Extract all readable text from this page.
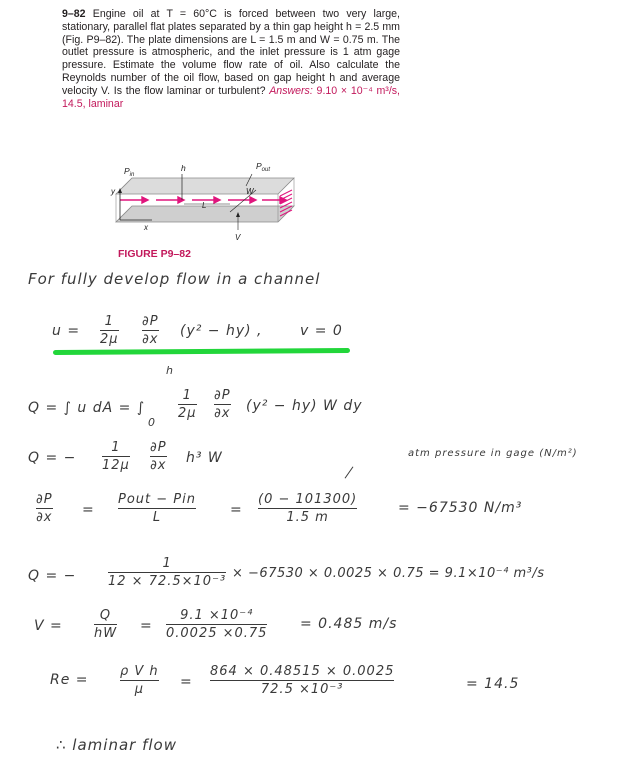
9–82 Engine oil at T = 60°C is forced between two very large, stationary, parallel flat plates separated by a thin gap height h = 2.5 mm (Fig. P9–82). The plate dimensions are L = 1.5 m and W = 0.75 m. The outlet pressure is atmospheric, and the inlet pressure is 1 atm gage pressure. Estimate the volume flow rate of oil. Also calculate the Reynolds number of the oil flow, based on gap height h and average velocity V. Is the flow laminar or turbulent? Answers: 9.10 × 10⁻⁴ m³/s, 14.5, laminar
$P_{in}$
h	$P_{out}$
y
x
L
W
V
FIGURE P9–82
For fully develop flow in a channel
u =
1
2μ
∂P
∂x
(y² − hy) ,	v = 0
Q = ∫ u dA = ∫
h
0
1
2μ
∂P
∂x (y² − hy) W dy
Q = −
1
12μ
∂P
∂x h³ W	atm pressure in gage (N/m²)
∂P
∂x =
Pout − Pin
L	=
(0 − 101300)
1.5 m
= −67530 N/m³
Q = −
1
12 × 72.5×10⁻³
× −67530 × 0.0025 × 0.75 = 9.1×10⁻⁴ m³/s
V =
Q
hW =
9.1 ×10⁻⁴
0.0025 ×0.75
= 0.485 m/s
Re =
ρ V h
μ	=
864 × 0.48515 × 0.0025
72.5 ×10⁻³	= 14.5
∴ laminar flow
